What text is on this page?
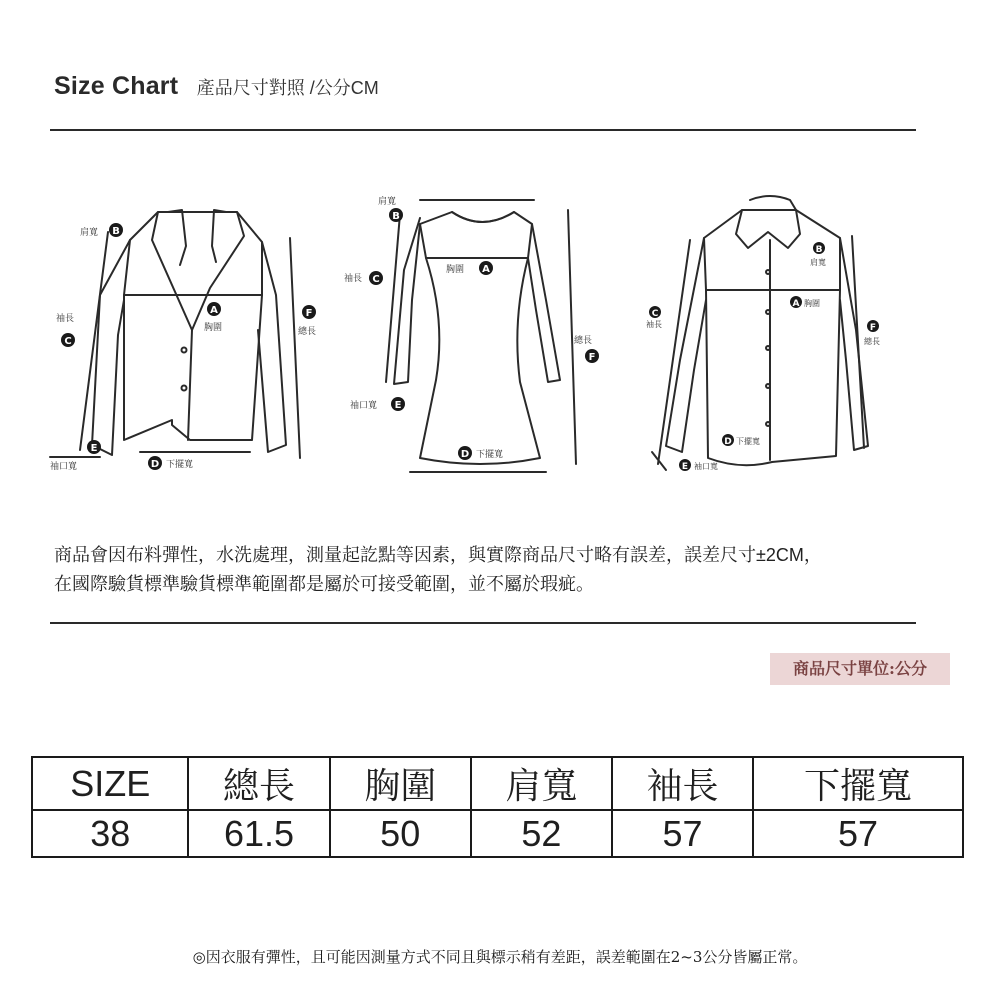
Size Chart 產品尺寸對照 /公分CM
肩寬
袖長
胸圍	總長
袖口寬	下擺寬
B
C
A	F
E
D
肩寬
袖長
胸圍
總長
袖口寬
下擺寬
B
C
A
F
E
D
肩寬
袖長
胸圍
總長
袖口寬
下擺寬
B
C
A
F
E
D
商品會因布料彈性，水洗處理，測量起訖點等因素，與實際商品尺寸略有誤差，誤差尺寸±2CM，
在國際驗貨標準驗貨標準範圍都是屬於可接受範圍，並不屬於瑕疵。
商品尺寸單位:公分
SIZE	總長	胸圍	肩寬	袖長	下擺寬
38	61.5	50	52	57	57
◎因衣服有彈性，且可能因測量方式不同且與標示稍有差距，誤差範圍在2~3公分皆屬正常。
